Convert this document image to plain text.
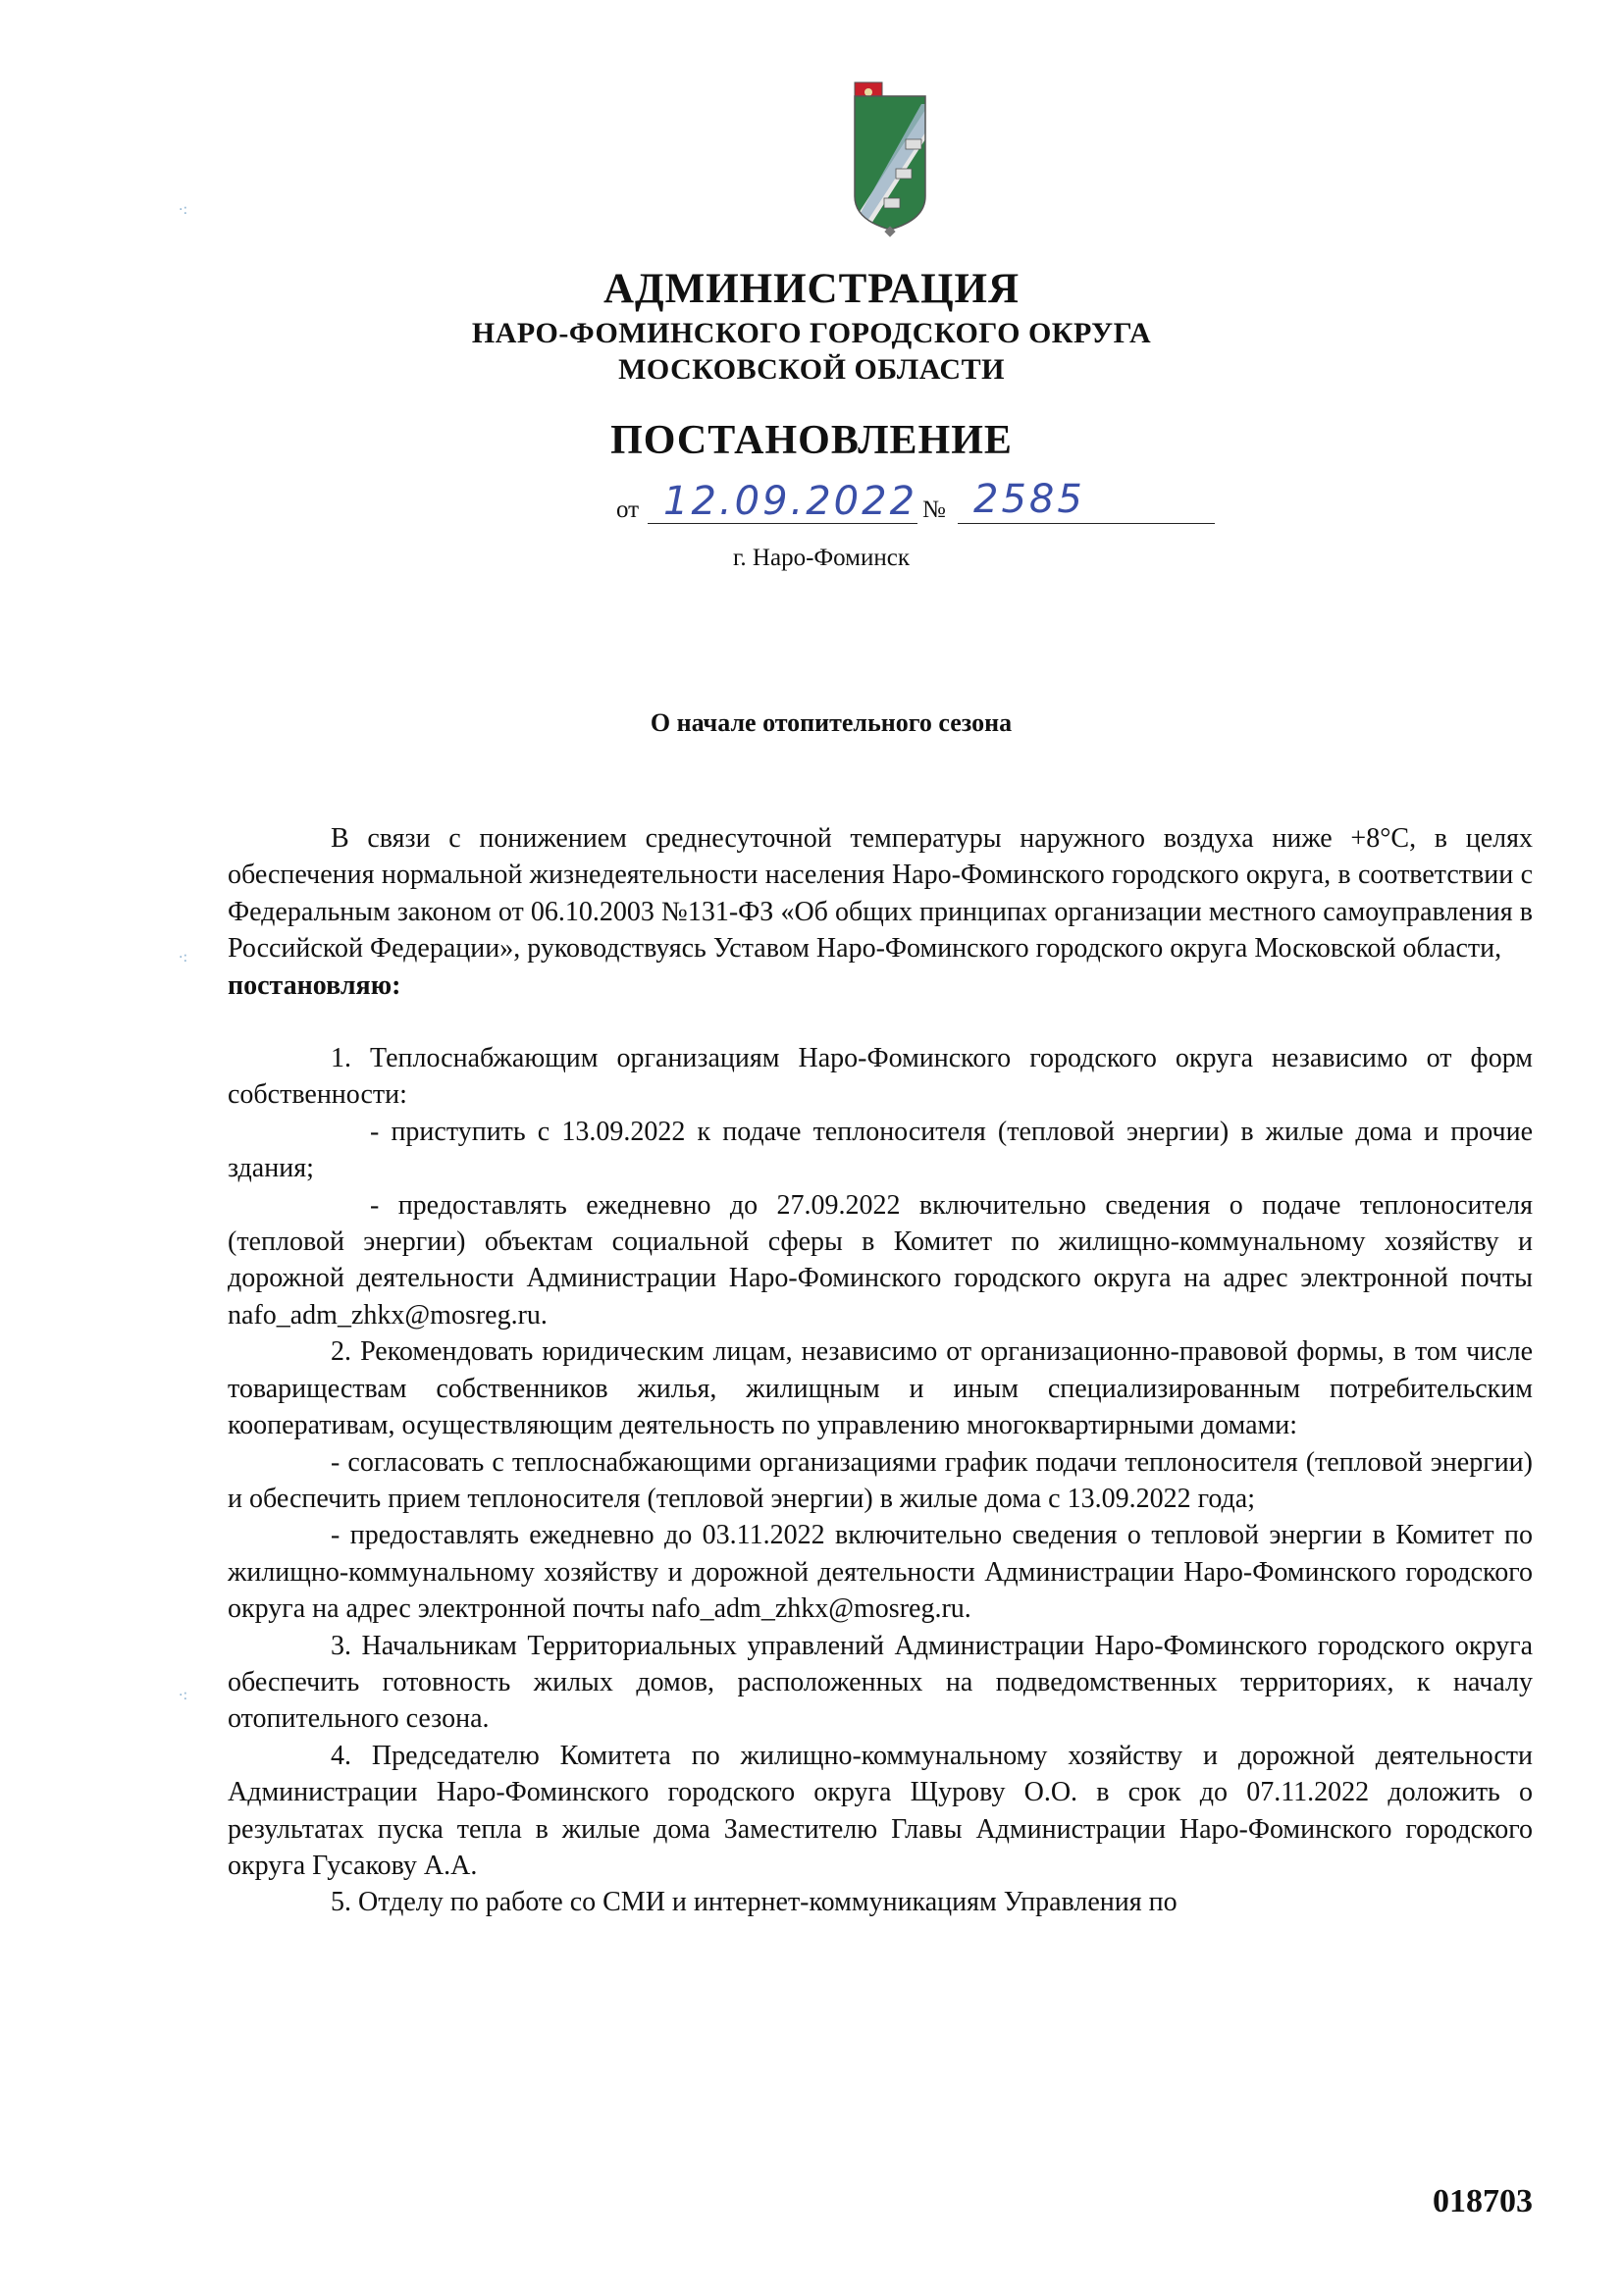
·:
·:
·:
АДМИНИСТРАЦИЯ
НАРО-ФОМИНСКОГО ГОРОДСКОГО ОКРУГА
МОСКОВСКОЙ ОБЛАСТИ
ПОСТАНОВЛЕНИЕ
от 12.09.2022 № 2585
г. Наро-Фоминск
О начале отопительного сезона

В связи с понижением среднесуточной температуры наружного воздуха ниже +8°С, в целях обеспечения нормальной жизнедеятельности населения Наро-Фоминского городского округа, в соответствии с Федеральным законом от 06.10.2003 №131-ФЗ «Об общих принципах организации местного самоуправления в Российской Федерации», руководствуясь Уставом Наро-Фоминского городского округа Московской области,
постановляю:

1. Теплоснабжающим организациям Наро-Фоминского городского округа независимо от форм собственности:

- приступить с 13.09.2022 к подаче теплоносителя (тепловой энергии) в жилые дома и прочие здания;

- предоставлять ежедневно до 27.09.2022 включительно сведения о подаче теплоносителя (тепловой энергии) объектам социальной сферы в Комитет по жилищно-коммунальному хозяйству и дорожной деятельности Администрации Наро-Фоминского городского округа на адрес электронной почты nafo_adm_zhkx@mosreg.ru.

2. Рекомендовать юридическим лицам, независимо от организационно-правовой формы, в том числе товариществам собственников жилья, жилищным и иным специализированным потребительским кооперативам, осуществляющим деятельность по управлению многоквартирными домами:

- согласовать с теплоснабжающими организациями график подачи теплоносителя (тепловой энергии) и обеспечить прием теплоносителя (тепловой энергии) в жилые дома с 13.09.2022 года;

- предоставлять ежедневно до 03.11.2022 включительно сведения о тепловой энергии в Комитет по жилищно-коммунальному хозяйству и дорожной деятельности Администрации Наро-Фоминского городского округа на адрес электронной почты nafo_adm_zhkx@mosreg.ru.

3. Начальникам Территориальных управлений Администрации Наро-Фоминского городского округа обеспечить готовность жилых домов, расположенных на подведомственных территориях, к началу отопительного сезона.

4. Председателю Комитета по жилищно-коммунальному хозяйству и дорожной деятельности Администрации Наро-Фоминского городского округа Щурову О.О. в срок до 07.11.2022 доложить о результатах пуска тепла в жилые дома Заместителю Главы Администрации Наро-Фоминского городского округа Гусакову А.А.

5. Отделу по работе со СМИ и интернет-коммуникациям Управления по

018703
